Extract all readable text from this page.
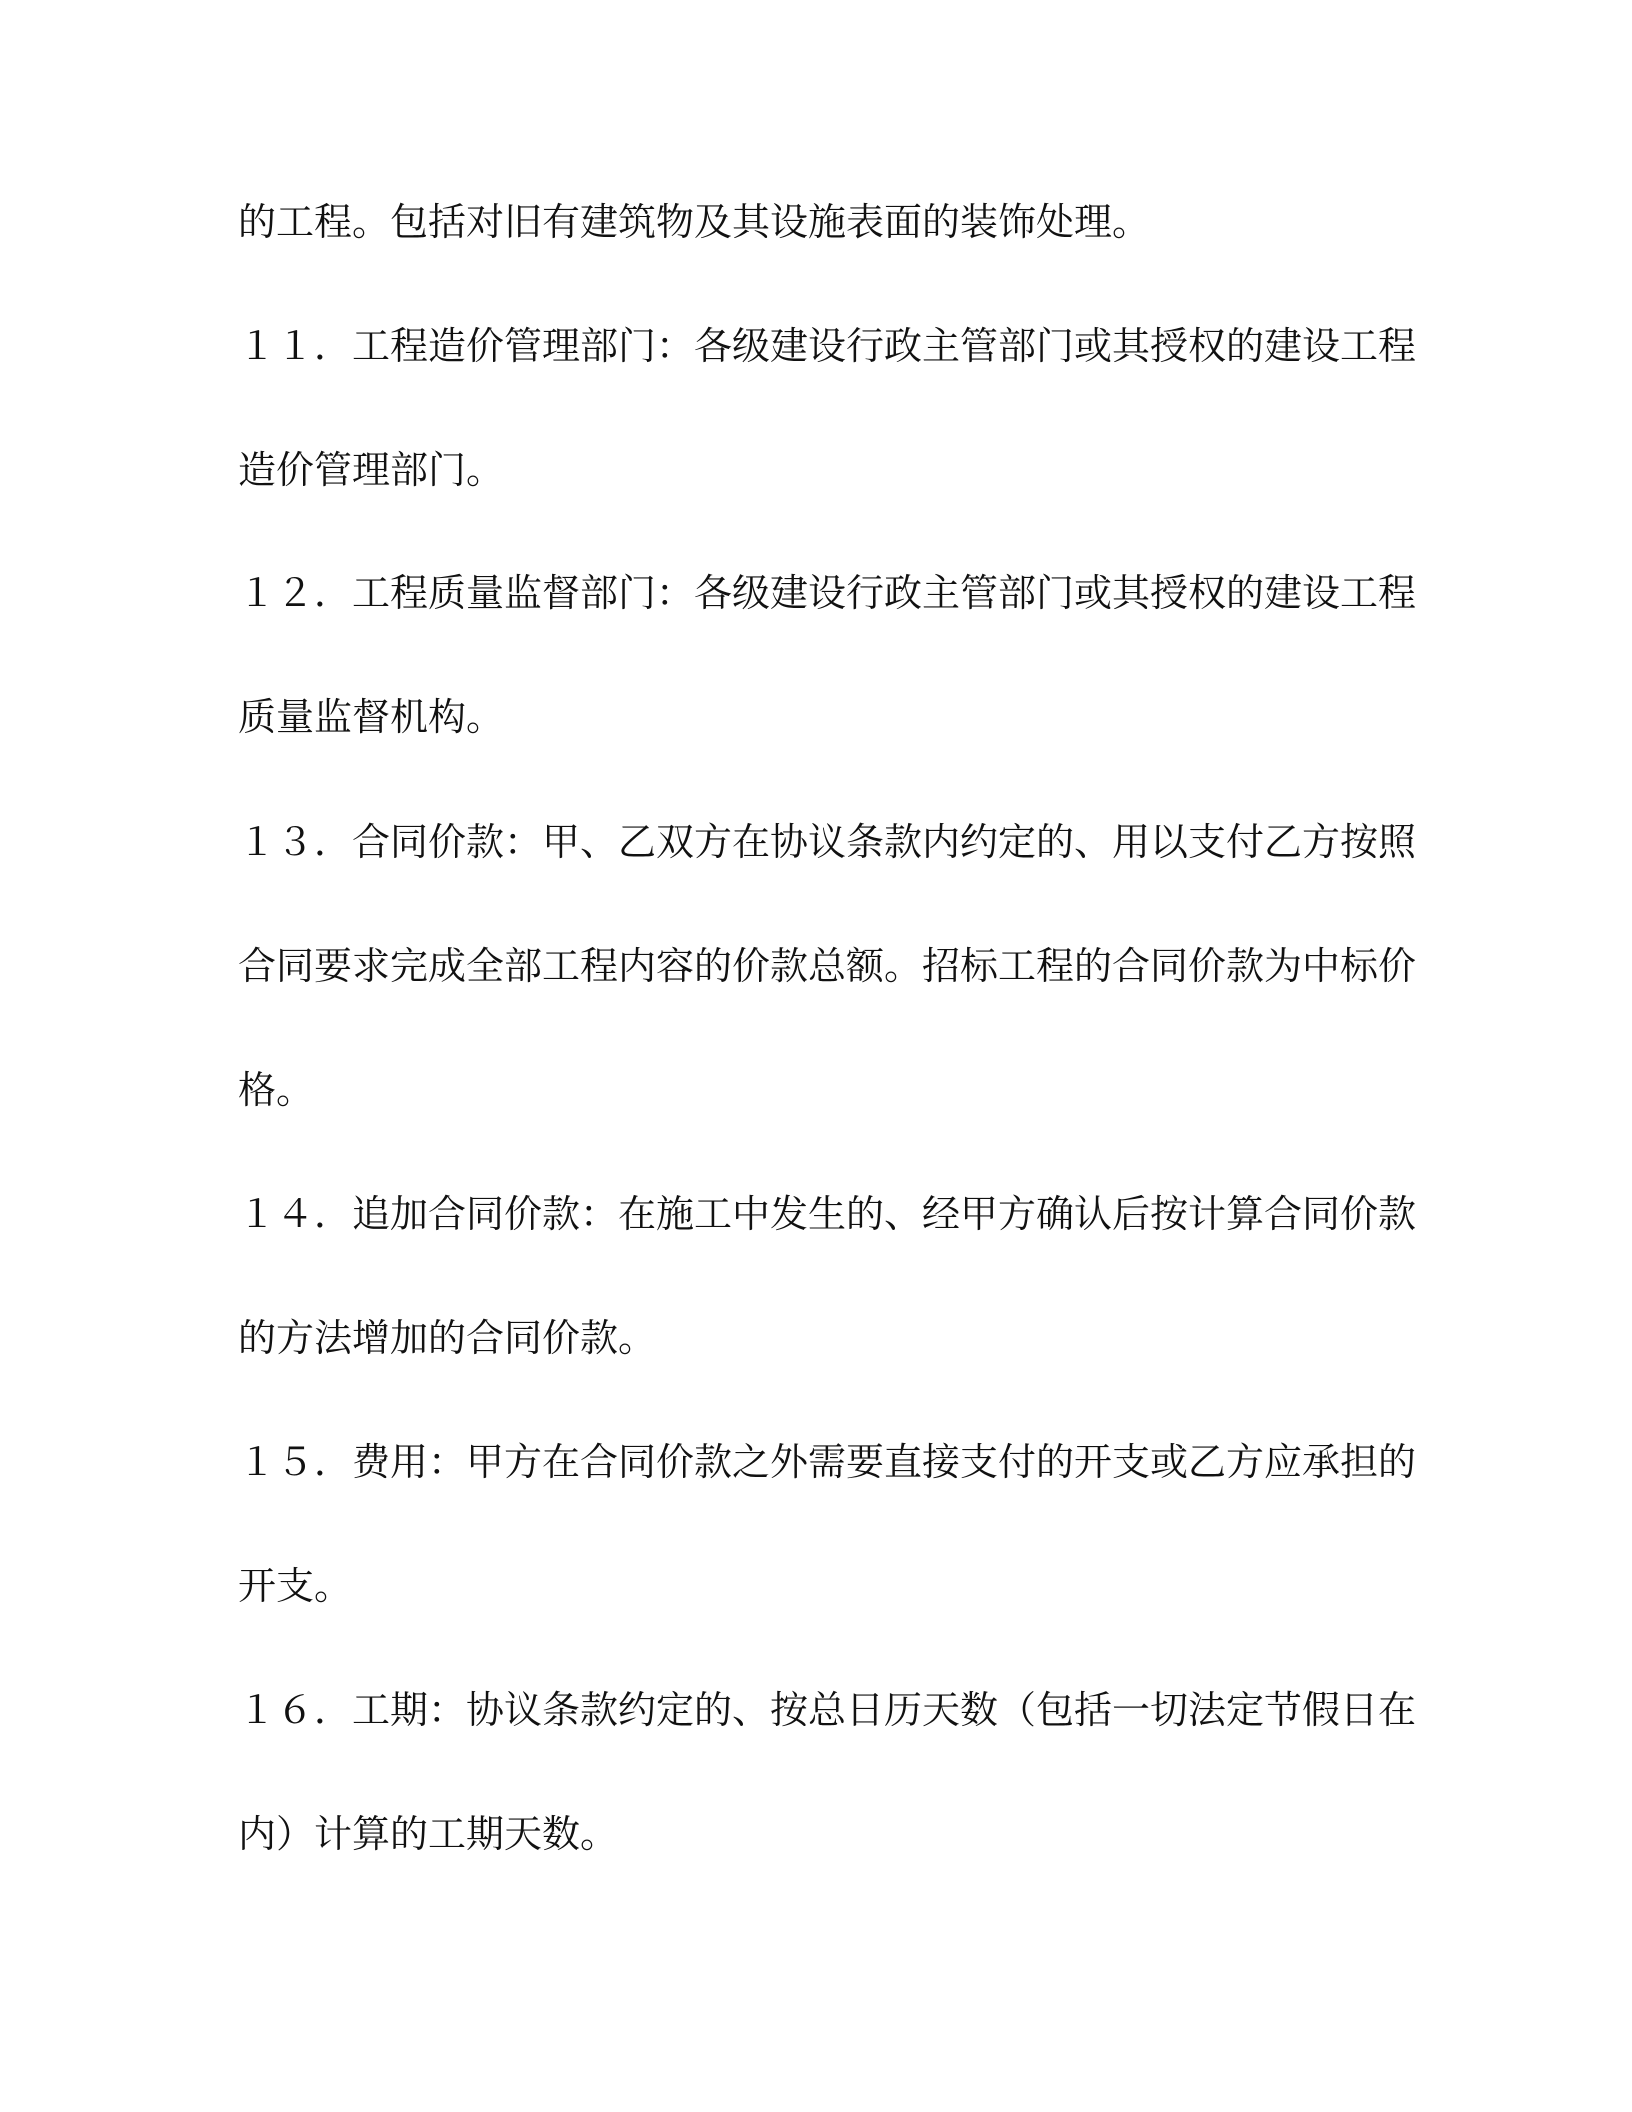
的工程。包括对旧有建筑物及其设施表面的装饰处理。
１１．工程造价管理部门：各级建设行政主管部门或其授权的建设工程
造价管理部门。
１２．工程质量监督部门：各级建设行政主管部门或其授权的建设工程
质量监督机构。
１３．合同价款：甲、乙双方在协议条款内约定的、用以支付乙方按照
合同要求完成全部工程内容的价款总额。招标工程的合同价款为中标价
格。
１４．追加合同价款：在施工中发生的、经甲方确认后按计算合同价款
的方法增加的合同价款。
１５．费用：甲方在合同价款之外需要直接支付的开支或乙方应承担的
开支。
１６．工期：协议条款约定的、按总日历天数（包括一切法定节假日在
内）计算的工期天数。
